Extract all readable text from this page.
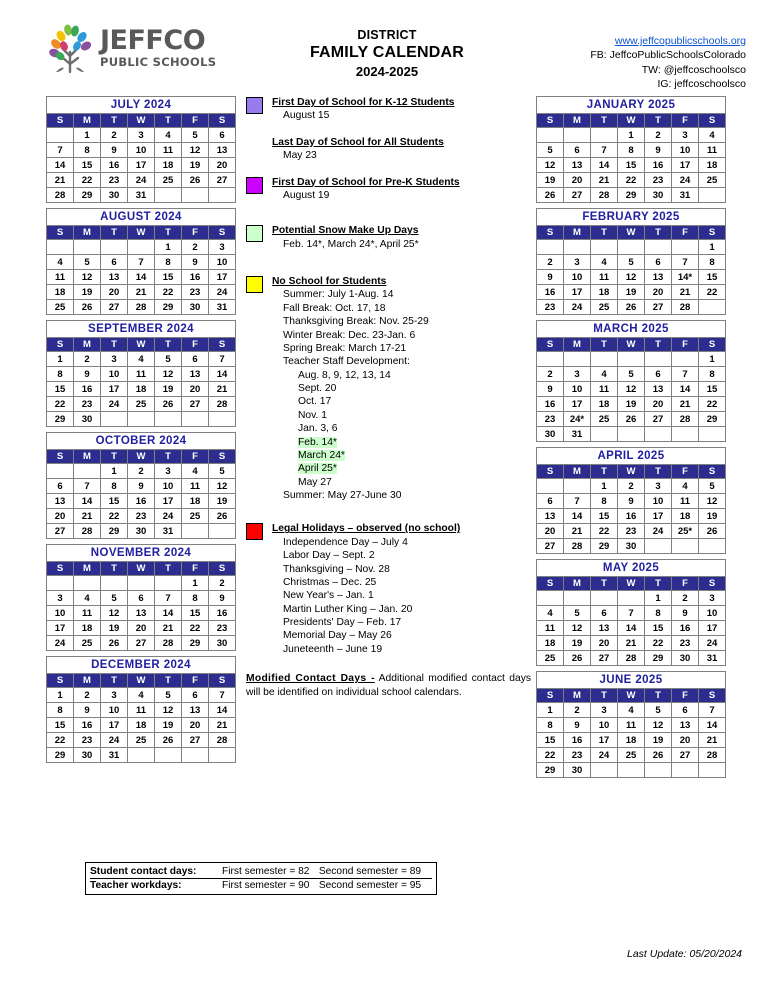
JEFFCO
PUBLIC SCHOOLS
DISTRICT
FAMILY CALENDAR
2024-2025
www.jeffcopublicschools.org
FB: JeffcoPublicSchoolsColorado
TW: @jeffcoschoolsco
IG: jeffcoschoolsco
JULY 2024
S	M	T	W	T	F	S
	1	2	3	4	5	6
7	8	9	10	11	12	13
14	15	16	17	18	19	20
21	22	23	24	25	26	27
28	29	30	31			
AUGUST 2024
S	M	T	W	T	F	S
				1	2	3
4	5	6	7	8	9	10
11	12	13	14	15	16	17
18	19	20	21	22	23	24
25	26	27	28	29	30	31
SEPTEMBER 2024
S	M	T	W	T	F	S
1	2	3	4	5	6	7
8	9	10	11	12	13	14
15	16	17	18	19	20	21
22	23	24	25	26	27	28
29	30					
OCTOBER 2024
S	M	T	W	T	F	S
		1	2	3	4	5
6	7	8	9	10	11	12
13	14	15	16	17	18	19
20	21	22	23	24	25	26
27	28	29	30	31		
NOVEMBER 2024
S	M	T	W	T	F	S
					1	2
3	4	5	6	7	8	9
10	11	12	13	14	15	16
17	18	19	20	21	22	23
24	25	26	27	28	29	30
DECEMBER 2024
S	M	T	W	T	F	S
1	2	3	4	5	6	7
8	9	10	11	12	13	14
15	16	17	18	19	20	21
22	23	24	25	26	27	28
29	30	31				
First Day of School for K-12 Students
August 15
Last Day of School for All Students
May 23
First Day of School for Pre-K Students
August 19
Potential Snow Make Up Days
Feb. 14*, March 24*, April 25*
No School for Students
Summer: July 1-Aug. 14
Fall Break: Oct. 17, 18
Thanksgiving Break: Nov. 25-29
Winter Break: Dec. 23-Jan. 6
Spring Break: March 17-21
Teacher Staff Development:
Aug. 8, 9, 12, 13, 14
Sept. 20
Oct. 17
Nov. 1
Jan. 3, 6
Feb. 14*
March 24*
April 25*
May 27
Summer: May 27-June 30
Legal Holidays – observed (no school)
Independence Day – July 4
Labor Day – Sept. 2
Thanksgiving – Nov. 28
Christmas – Dec. 25
New Year's – Jan. 1
Martin Luther King – Jan. 20
Presidents' Day – Feb. 17
Memorial Day – May 26
Juneteenth – June 19
Modified Contact Days - Additional modified contact days will be identified on individual school calendars.
JANUARY 2025
S	M	T	W	T	F	S
			1	2	3	4
5	6	7	8	9	10	11
12	13	14	15	16	17	18
19	20	21	22	23	24	25
26	27	28	29	30	31	
FEBRUARY 2025
S	M	T	W	T	F	S
						1
2	3	4	5	6	7	8
9	10	11	12	13	14*	15
16	17	18	19	20	21	22
23	24	25	26	27	28	
MARCH 2025
S	M	T	W	T	F	S
						1
2	3	4	5	6	7	8
9	10	11	12	13	14	15
16	17	18	19	20	21	22
23	24*	25	26	27	28	29
30	31					
APRIL 2025
S	M	T	W	T	F	S
		1	2	3	4	5
6	7	8	9	10	11	12
13	14	15	16	17	18	19
20	21	22	23	24	25*	26
27	28	29	30			
MAY 2025
S	M	T	W	T	F	S
				1	2	3
4	5	6	7	8	9	10
11	12	13	14	15	16	17
18	19	20	21	22	23	24
25	26	27	28	29	30	31
JUNE 2025
S	M	T	W	T	F	S
1	2	3	4	5	6	7
8	9	10	11	12	13	14
15	16	17	18	19	20	21
22	23	24	25	26	27	28
29	30					
Student contact days:	First semester = 82	Second semester = 89
Teacher workdays:	First semester = 90	Second semester = 95
Last Update: 05/20/2024
